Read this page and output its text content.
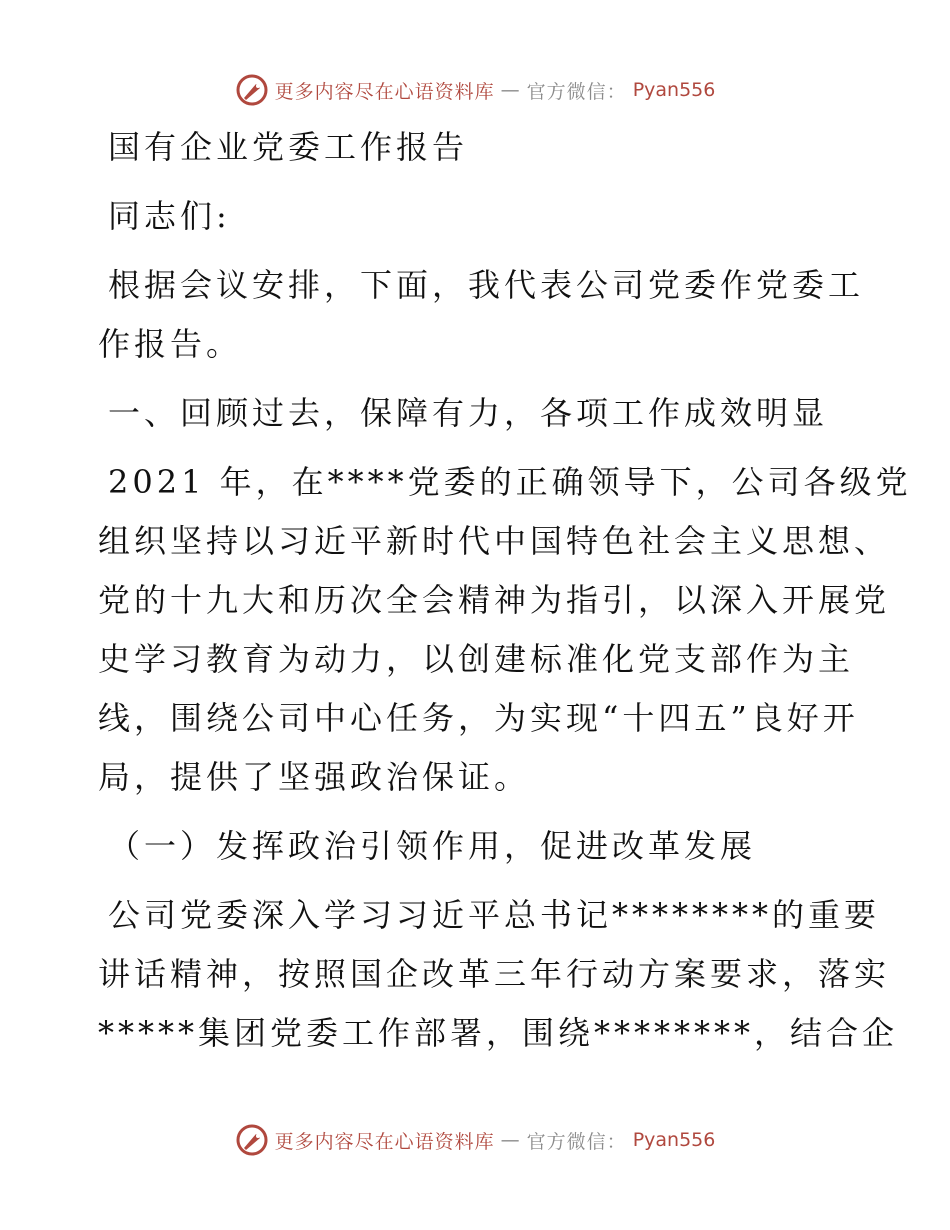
更多内容尽在心语资料库 — 官方微信： Pyan556

国有企业党委工作报告

同志们:

根据会议安排，下面，我代表公司党委作党委工

作报告。

一、回顾过去，保障有力，各项工作成效明显

2021 年，在****党委的正确领导下，公司各级党

组织坚持以习近平新时代中国特色社会主义思想、

党的十九大和历次全会精神为指引，以深入开展党

史学习教育为动力，以创建标准化党支部作为主

线，围绕公司中心任务，为实现“十四五”良好开

局，提供了坚强政治保证。

（一）发挥政治引领作用，促进改革发展

公司党委深入学习习近平总书记********的重要

讲话精神，按照国企改革三年行动方案要求，落实

*****集团党委工作部署，围绕********，结合企

更多内容尽在心语资料库 — 官方微信： Pyan556
